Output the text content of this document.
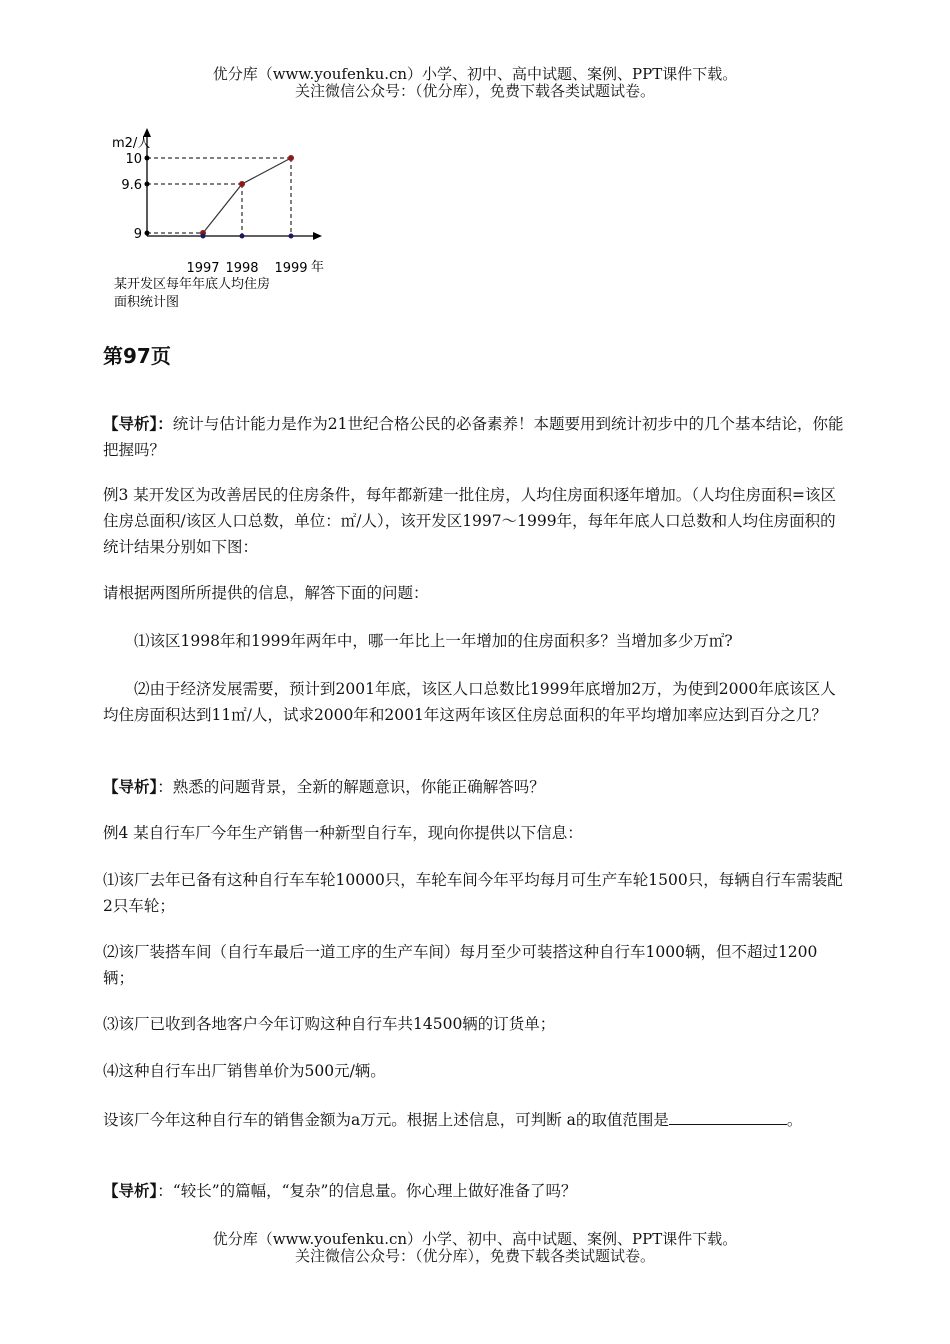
优分库（www.youfenku.cn）小学、初中、高中试题、案例、PPT课件下载。
关注微信公众号：（优分库），免费下载各类试题试卷。
m2/人
年
9
1997
9.6
1998
10
1999
某开发区每年年底人均住房
面积统计图
第97页

【导析】：统计与估计能力是作为21世纪合格公民的必备素养！本题要用到统计初步中的几个基本结论，你能把握吗？

例3 某开发区为改善居民的住房条件，每年都新建一批住房，人均住房面积逐年增加。（人均住房面积=该区住房总面积/该区人口总数，单位：㎡/人），该开发区1997～1999年，每年年底人口总数和人均住房面积的统计结果分别如下图：

请根据两图所所提供的信息，解答下面的问题：

⑴该区1998年和1999年两年中，哪一年比上一年增加的住房面积多？当增加多少万㎡?

⑵由于经济发展需要，预计到2001年底，该区人口总数比1999年底增加2万，为使到2000年底该区人均住房面积达到11㎡/人，试求2000年和2001年这两年该区住房总面积的年平均增加率应达到百分之几？

【导析】：熟悉的问题背景，全新的解题意识，你能正确解答吗？

例4 某自行车厂今年生产销售一种新型自行车，现向你提供以下信息：

⑴该厂去年已备有这种自行车车轮10000只，车轮车间今年平均每月可生产车轮1500只，每辆自行车需装配2只车轮；

⑵该厂装搭车间（自行车最后一道工序的生产车间）每月至少可装搭这种自行车1000辆，但不超过1200辆；

⑶该厂已收到各地客户今年订购这种自行车共14500辆的订货单；

⑷这种自行车出厂销售单价为500元/辆。

设该厂今年这种自行车的销售金额为a万元。根据上述信息，可判断 a的取值范围是	。

【导析】：“较长”的篇幅，“复杂”的信息量。你心理上做好准备了吗？

优分库（www.youfenku.cn）小学、初中、高中试题、案例、PPT课件下载。
关注微信公众号：（优分库），免费下载各类试题试卷。
